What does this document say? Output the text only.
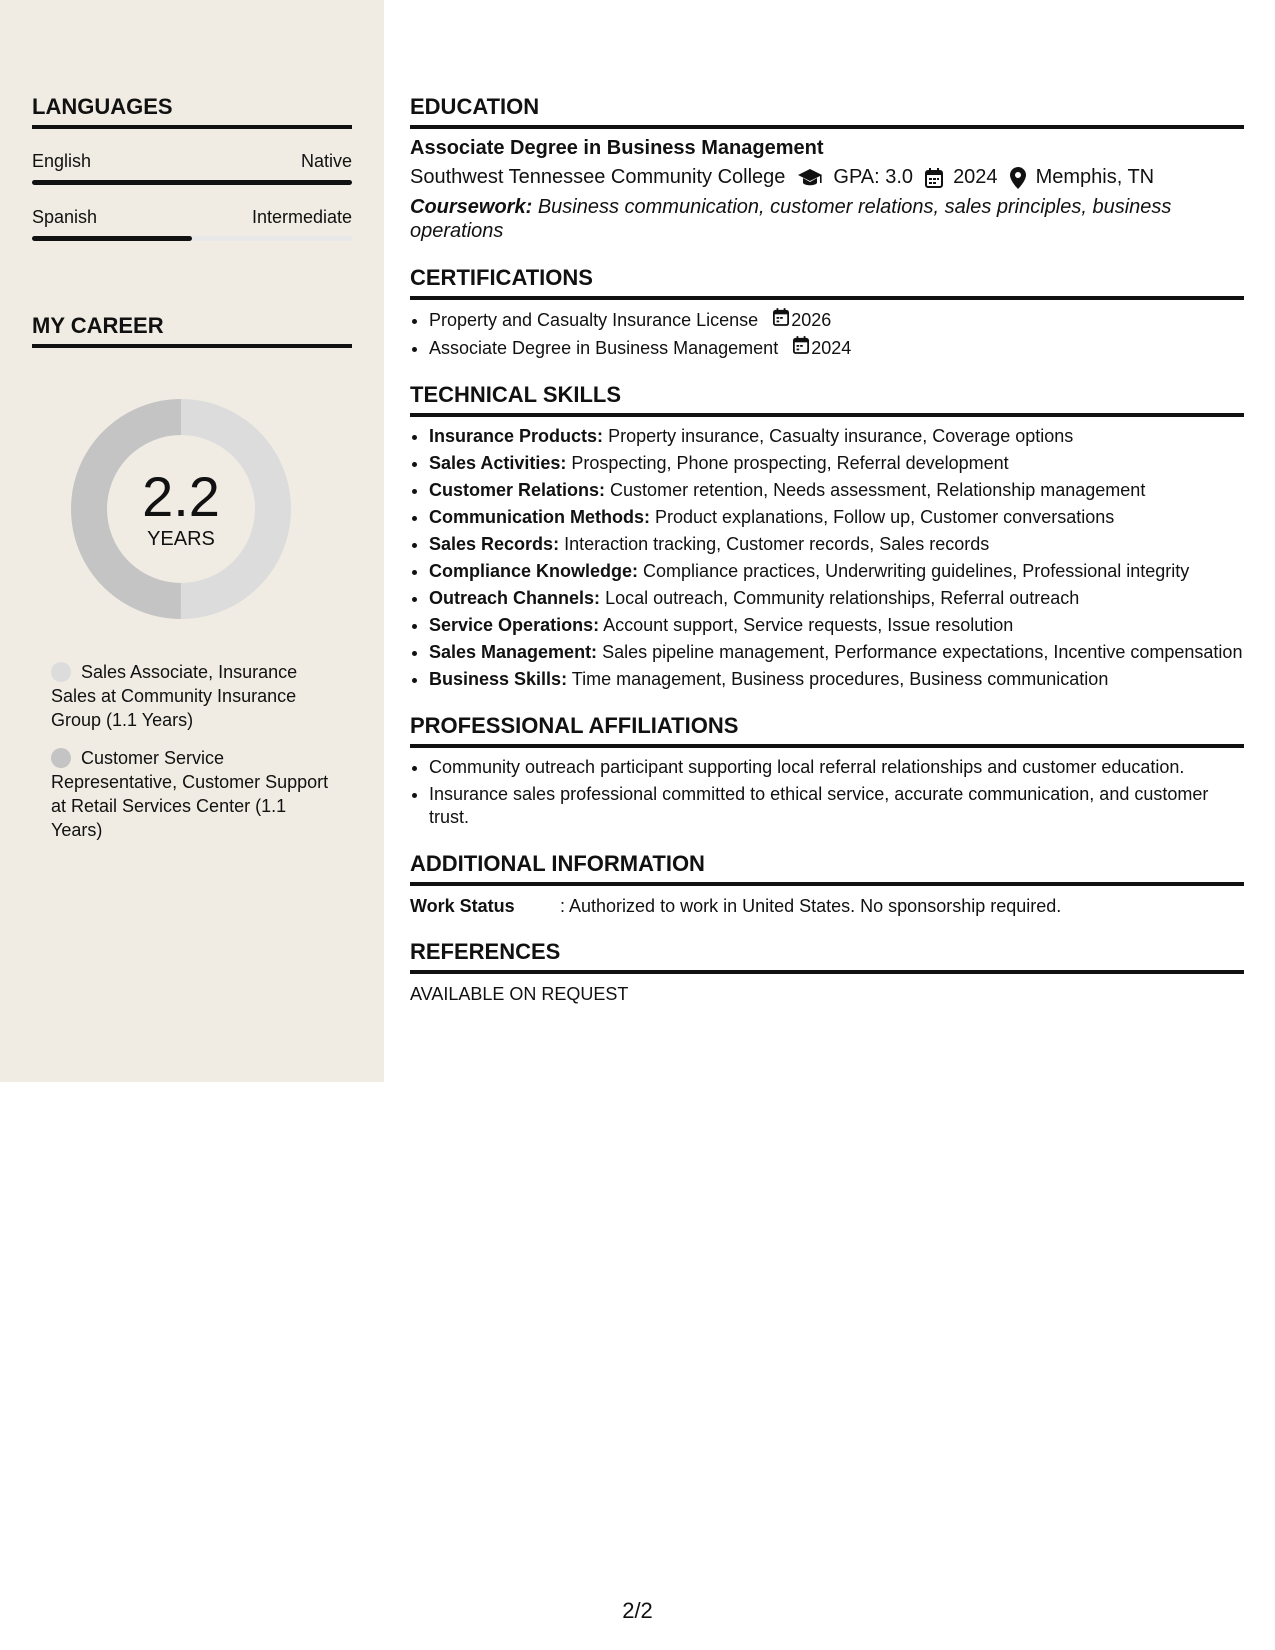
LANGUAGES
English	Native
Spanish	Intermediate
MY CAREER
2.2
YEARS
Sales Associate, Insurance Sales at Community Insurance Group (1.1 Years)
Customer Service Representative, Customer Support at Retail Services Center (1.1 Years)
EDUCATION
Associate Degree in Business Management
Southwest Tennessee Community College GPA: 3.0 2024 Memphis, TN
Coursework: Business communication, customer relations, sales principles, business operations
CERTIFICATIONS
• Property and Casualty Insurance License 2026
• Associate Degree in Business Management 2024
TECHNICAL SKILLS
• Insurance Products: Property insurance, Casualty insurance, Coverage options
• Sales Activities: Prospecting, Phone prospecting, Referral development
• Customer Relations: Customer retention, Needs assessment, Relationship management
• Communication Methods: Product explanations, Follow up, Customer conversations
• Sales Records: Interaction tracking, Customer records, Sales records
• Compliance Knowledge: Compliance practices, Underwriting guidelines, Professional integrity
• Outreach Channels: Local outreach, Community relationships, Referral outreach
• Service Operations: Account support, Service requests, Issue resolution
• Sales Management: Sales pipeline management, Performance expectations, Incentive compensation
• Business Skills: Time management, Business procedures, Business communication
PROFESSIONAL AFFILIATIONS
• Community outreach participant supporting local referral relationships and customer education.
• Insurance sales professional committed to ethical service, accurate communication, and customer trust.
ADDITIONAL INFORMATION
Work Status	: Authorized to work in United States. No sponsorship required.
REFERENCES
AVAILABLE ON REQUEST
2/2
